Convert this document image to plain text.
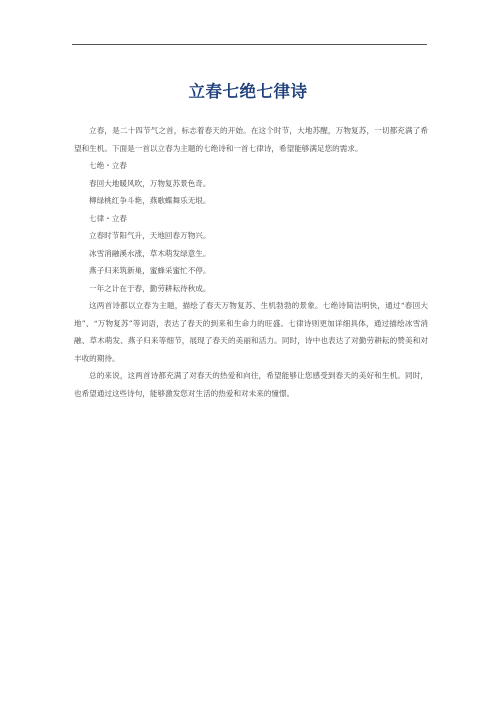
立春七绝七律诗

立春，是二十四节气之首，标志着春天的开始。在这个时节，大地苏醒，万物复苏，一切都充满了希望和生机。下面是一首以立春为主题的七绝诗和一首七律诗，希望能够满足您的需求。

七绝・立春

春回大地暖风吹，万物复苏景色奇。

柳绿桃红争斗艳，燕歌蝶舞乐无垠。

七律・立春

立春时节阳气升，天地回春万物兴。

冰雪消融溪水涨，草木萌发绿意生。

燕子归来筑新巢，蜜蜂采蜜忙不停。

一年之计在于春，勤劳耕耘待秋成。

这两首诗都以立春为主题，描绘了春天万物复苏、生机勃勃的景象。七绝诗简洁明快，通过“春回大地”、“万物复苏”等词语，表达了春天的到来和生命力的旺盛。七律诗则更加详细具体，通过描绘冰雪消融、草木萌发、燕子归来等细节，展现了春天的美丽和活力。同时，诗中也表达了对勤劳耕耘的赞美和对丰收的期待。

总的来说，这两首诗都充满了对春天的热爱和向往，希望能够让您感受到春天的美好和生机。同时，也希望通过这些诗句，能够激发您对生活的热爱和对未来的憧憬。
